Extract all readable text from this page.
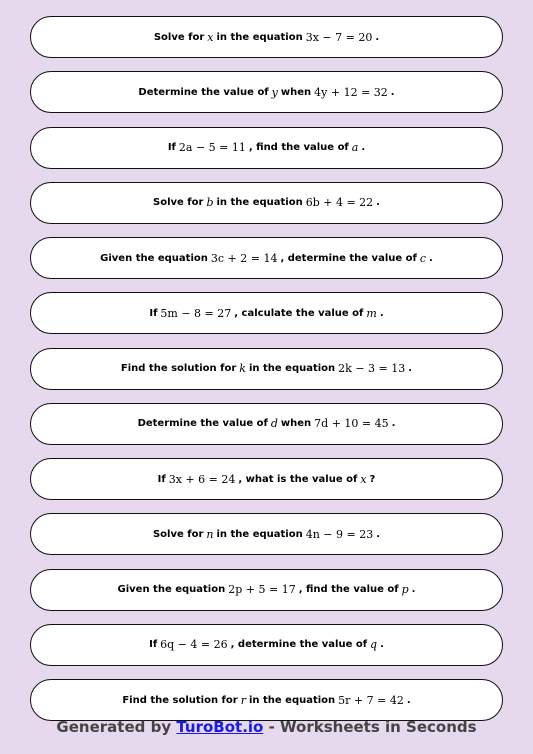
Solve for x in the equation 3x − 7 = 20 .
Determine the value of y when 4y + 12 = 32 .
If 2a − 5 = 11 , find the value of a .
Solve for b in the equation 6b + 4 = 22 .
Given the equation 3c + 2 = 14 , determine the value of c .
If 5m − 8 = 27 , calculate the value of m .
Find the solution for k in the equation 2k − 3 = 13 .
Determine the value of d when 7d + 10 = 45 .
If 3x + 6 = 24 , what is the value of x ?
Solve for n in the equation 4n − 9 = 23 .
Given the equation 2p + 5 = 17 , find the value of p .
If 6q − 4 = 26 , determine the value of q .
Find the solution for r in the equation 5r + 7 = 42 .
Generated by TuroBot.io - Worksheets in Seconds
